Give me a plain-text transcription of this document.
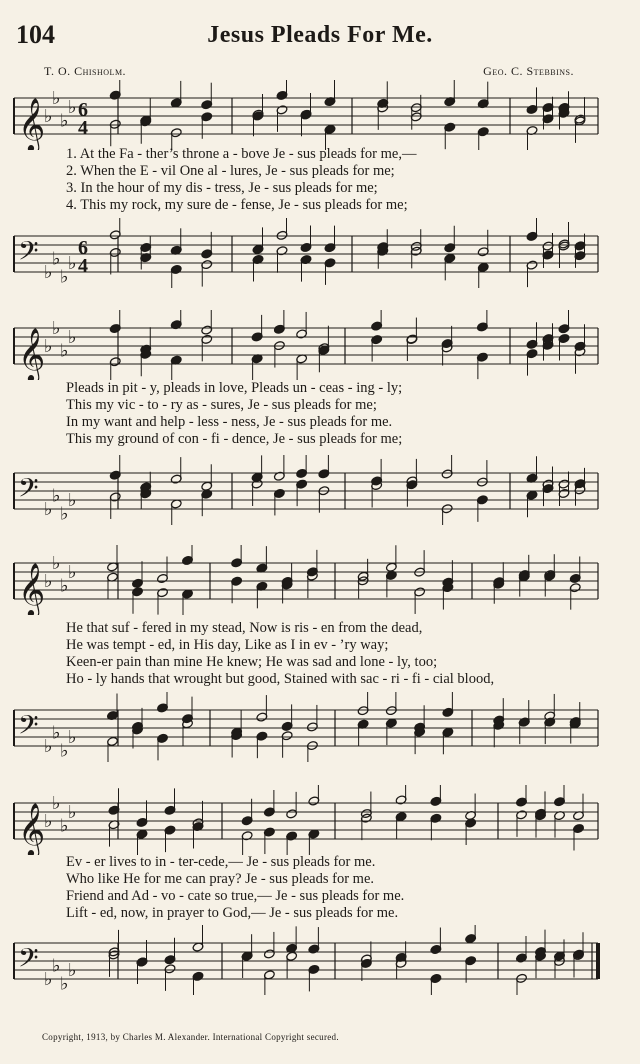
104	Jesus Pleads For Me.
T. O. Chisholm.	Geo. C. Stebbins.
𝄞
♭
♭
♭
♭ 6
4
1. At the Fa - ther’s throne a - bove Je - sus pleads for me,—
2. When the E - vil One al - lures, Je - sus pleads for me;
3. In the hour of my dis - tress, Je - sus pleads for me;
4. This my rock, my sure de - fense, Je - sus pleads for me;
𝄢 ♭
♭
♭
♭
6
4
𝄞
♭
♭
♭
♭
Pleads in pit - y, pleads in love, Pleads un - ceas - ing - ly;
This my vic - to - ry as - sures, Je - sus pleads for me;
In my want and help - less - ness, Je - sus pleads for me.
This my ground of con - fi - dence, Je - sus pleads for me;
𝄢 ♭
♭
♭
♭
𝄞
♭
♭
♭
♭
He that suf - fered in my stead, Now is ris - en from the dead,
He was tempt - ed, in His day, Like as I in ev - ’ry way;
Keen-er pain than mine He knew; He was sad and lone - ly, too;
Ho - ly hands that wrought but good, Stained with sac - ri - fi - cial blood,
𝄢 ♭
♭
♭
♭
𝄞
♭
♭
♭
♭
Ev - er lives to in - ter-cede,— Je - sus pleads for me.
Who like He for me can pray? Je - sus pleads for me.
Friend and Ad - vo - cate so true,— Je - sus pleads for me.
Lift - ed, now, in prayer to God,— Je - sus pleads for me.
𝄢 ♭
♭
♭
♭
Copyright, 1913, by Charles M. Alexander. International Copyright secured.
